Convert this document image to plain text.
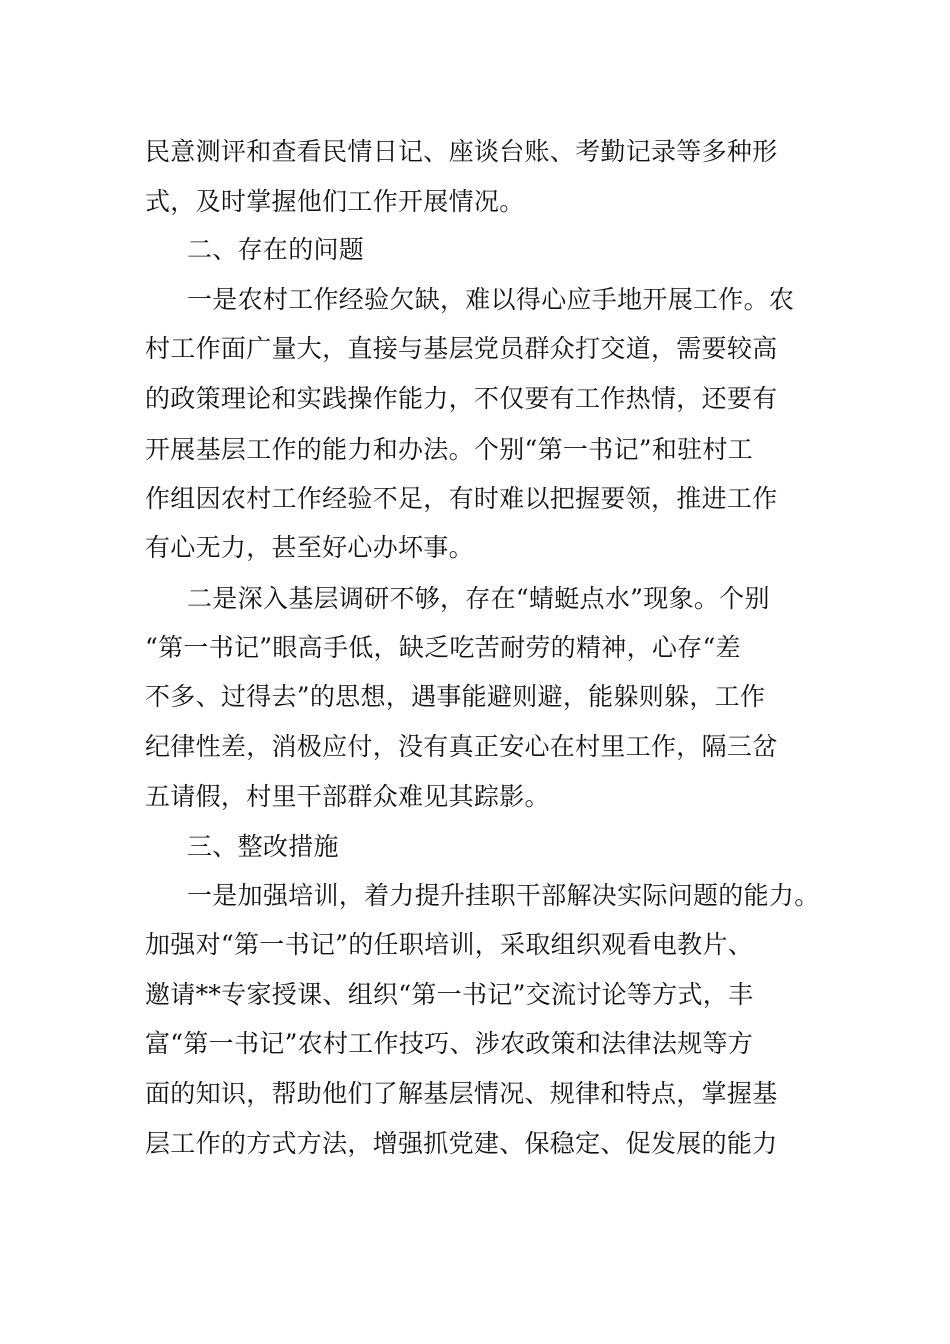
民意测评和查看民情日记、座谈台账、考勤记录等多种形
式，及时掌握他们工作开展情况。
二、存在的问题
一是农村工作经验欠缺，难以得心应手地开展工作。农
村工作面广量大，直接与基层党员群众打交道，需要较高
的政策理论和实践操作能力，不仅要有工作热情，还要有
开展基层工作的能力和办法。个别“第一书记”和驻村工
作组因农村工作经验不足，有时难以把握要领，推进工作
有心无力，甚至好心办坏事。
二是深入基层调研不够，存在“蜻蜓点水”现象。个别
“第一书记”眼高手低，缺乏吃苦耐劳的精神，心存“差
不多、过得去”的思想，遇事能避则避，能躲则躲，工作
纪律性差，消极应付，没有真正安心在村里工作，隔三岔
五请假，村里干部群众难见其踪影。
三、整改措施
一是加强培训，着力提升挂职干部解决实际问题的能力。
加强对“第一书记”的任职培训，采取组织观看电教片、
邀请**专家授课、组织“第一书记”交流讨论等方式，丰
富“第一书记”农村工作技巧、涉农政策和法律法规等方
面的知识，帮助他们了解基层情况、规律和特点，掌握基
层工作的方式方法，增强抓党建、保稳定、促发展的能力
